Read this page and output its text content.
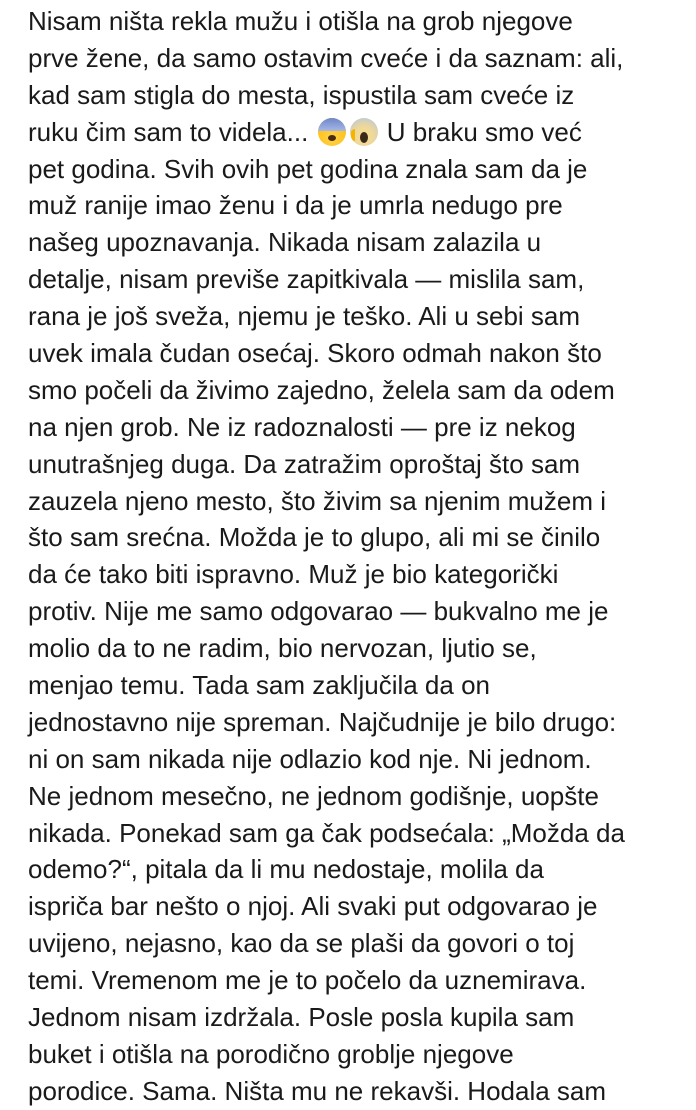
Nisam ništa rekla mužu i otišla na grob njegove
prve žene, da samo ostavim cveće i da saznam: ali,
kad sam stigla do mesta, ispustila sam cveće iz
ruku čim sam to videla...	U braku smo već
pet godina. Svih ovih pet godina znala sam da je
muž ranije imao ženu i da je umrla nedugo pre
našeg upoznavanja. Nikada nisam zalazila u
detalje, nisam previše zapitkivala — mislila sam,
rana je još sveža, njemu je teško. Ali u sebi sam
uvek imala čudan osećaj. Skoro odmah nakon što
smo počeli da živimo zajedno, želela sam da odem
na njen grob. Ne iz radoznalosti — pre iz nekog
unutrašnjeg duga. Da zatražim oproštaj što sam
zauzela njeno mesto, što živim sa njenim mužem i
što sam srećna. Možda je to glupo, ali mi se činilo
da će tako biti ispravno. Muž je bio kategorički
protiv. Nije me samo odgovarao — bukvalno me je
molio da to ne radim, bio nervozan, ljutio se,
menjao temu. Tada sam zaključila da on
jednostavno nije spreman. Najčudnije je bilo drugo:
ni on sam nikada nije odlazio kod nje. Ni jednom.
Ne jednom mesečno, ne jednom godišnje, uopšte
nikada. Ponekad sam ga čak podsećala: „Možda da
odemo?“, pitala da li mu nedostaje, molila da
ispriča bar nešto o njoj. Ali svaki put odgovarao je
uvijeno, nejasno, kao da se plaši da govori o toj
temi. Vremenom me je to počelo da uznemirava.
Jednom nisam izdržala. Posle posla kupila sam
buket i otišla na porodično groblje njegove
porodice. Sama. Ništa mu ne rekavši. Hodala sam
